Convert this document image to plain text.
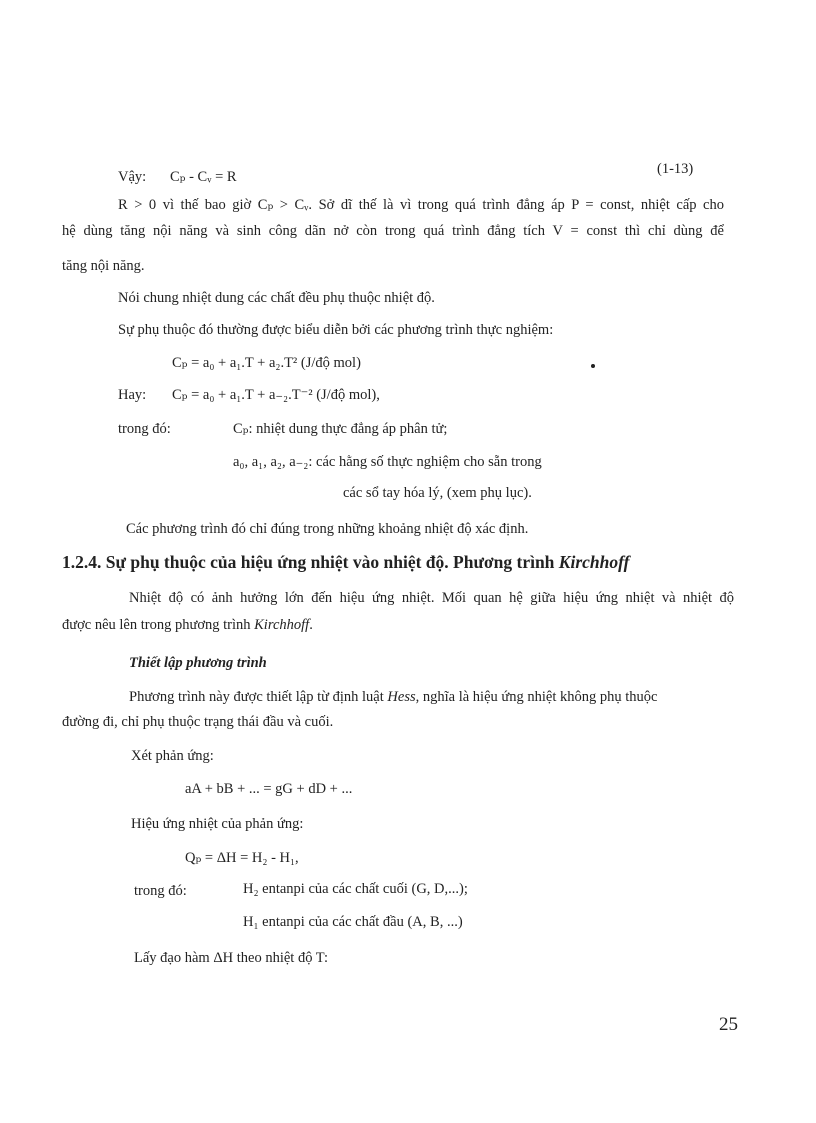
Vậy: Cₚ - Cᵥ = R	(1-13)
R > 0 vì thế bao giờ Cₚ > Cᵥ. Sở dĩ thế là vì trong quá trình đẳng áp P = const, nhiệt cấp cho
hệ dùng tăng nội năng và sinh công dãn nở còn trong quá trình đẳng tích V = const thì chỉ dùng để
tăng nội năng.
Nói chung nhiệt dung các chất đều phụ thuộc nhiệt độ.
Sự phụ thuộc đó thường được biểu diễn bởi các phương trình thực nghiệm:
Cₚ = a₀ + a₁.T + a₂.T² (J/độ mol)
Hay: Cₚ = a₀ + a₁.T + a₋₂.T⁻² (J/độ mol),
trong đó:	Cₚ: nhiệt dung thực đẳng áp phân tử;
a₀, a₁, a₂, a₋₂: các hằng số thực nghiệm cho sẵn trong
các sổ tay hóa lý, (xem phụ lục).
Các phương trình đó chỉ đúng trong những khoảng nhiệt độ xác định.
1.2.4. Sự phụ thuộc của hiệu ứng nhiệt vào nhiệt độ. Phương trình Kirchhoff
Nhiệt độ có ảnh hưởng lớn đến hiệu ứng nhiệt. Mối quan hệ giữa hiệu ứng nhiệt và nhiệt độ
được nêu lên trong phương trình Kirchhoff.
Thiết lập phương trình
Phương trình này được thiết lập từ định luật Hess, nghĩa là hiệu ứng nhiệt không phụ thuộc
đường đi, chỉ phụ thuộc trạng thái đầu và cuối.
Xét phản ứng:
aA + bB + ... = gG + dD + ...
Hiệu ứng nhiệt của phản ứng:
Qₚ = ΔH = H₂ - H₁,
trong đó:	H₂ entanpi của các chất cuối (G, D,...);
H₁ entanpi của các chất đầu (A, B, ...)
Lấy đạo hàm ΔH theo nhiệt độ T:
25
